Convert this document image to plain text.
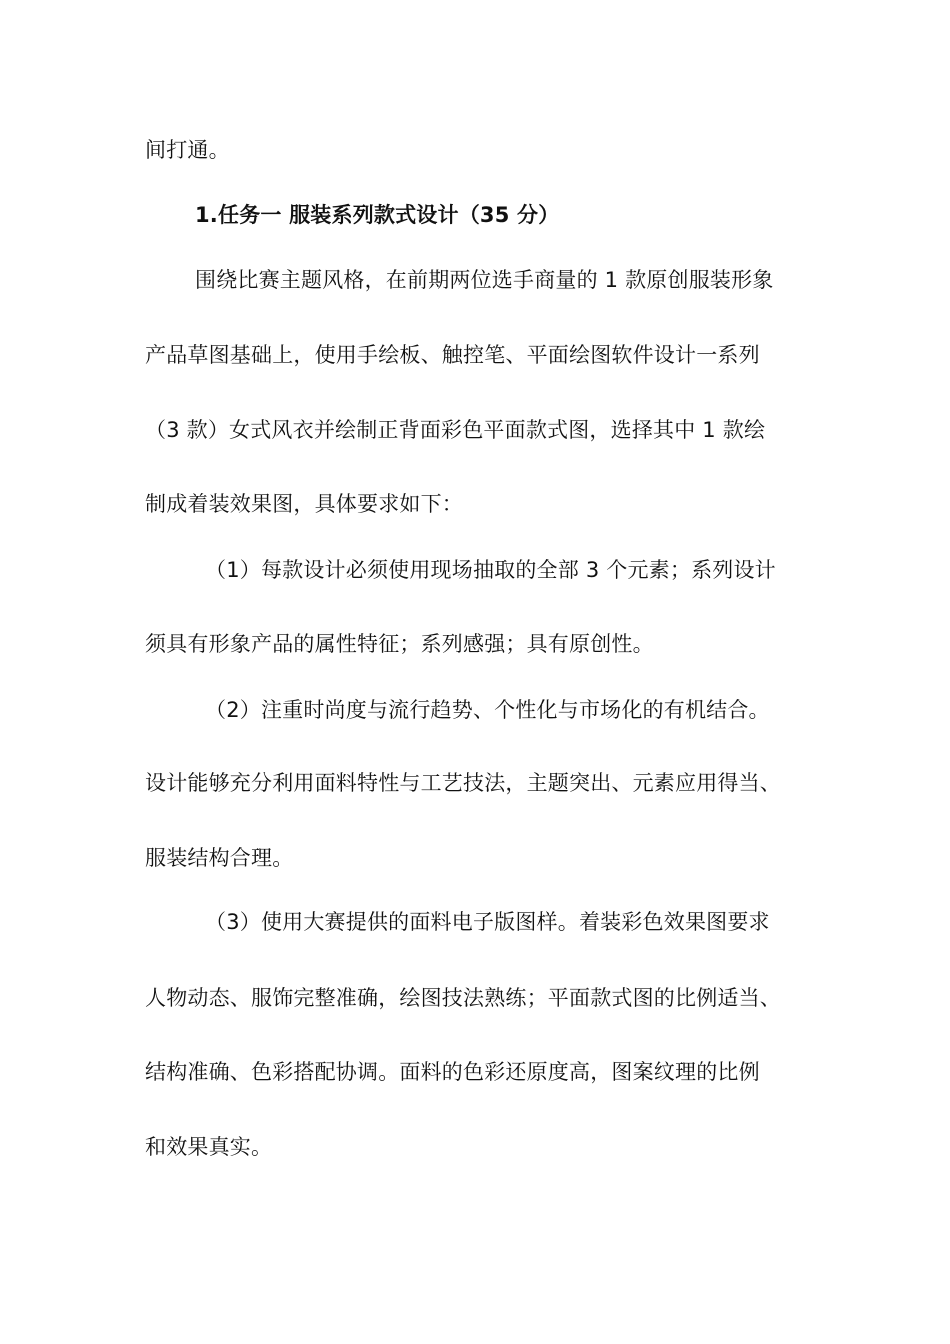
间打通。
1.任务一 服装系列款式设计（35 分）
围绕比赛主题风格，在前期两位选手商量的 1 款原创服装形象
产品草图基础上，使用手绘板、触控笔、平面绘图软件设计一系列
（3 款）女式风衣并绘制正背面彩色平面款式图，选择其中 1 款绘
制成着装效果图，具体要求如下：
（1）每款设计必须使用现场抽取的全部 3 个元素；系列设计
须具有形象产品的属性特征；系列感强；具有原创性。
（2）注重时尚度与流行趋势、个性化与市场化的有机结合。
设计能够充分利用面料特性与工艺技法，主题突出、元素应用得当、
服装结构合理。
（3）使用大赛提供的面料电子版图样。着装彩色效果图要求
人物动态、服饰完整准确，绘图技法熟练；平面款式图的比例适当、
结构准确、色彩搭配协调。面料的色彩还原度高，图案纹理的比例
和效果真实。
